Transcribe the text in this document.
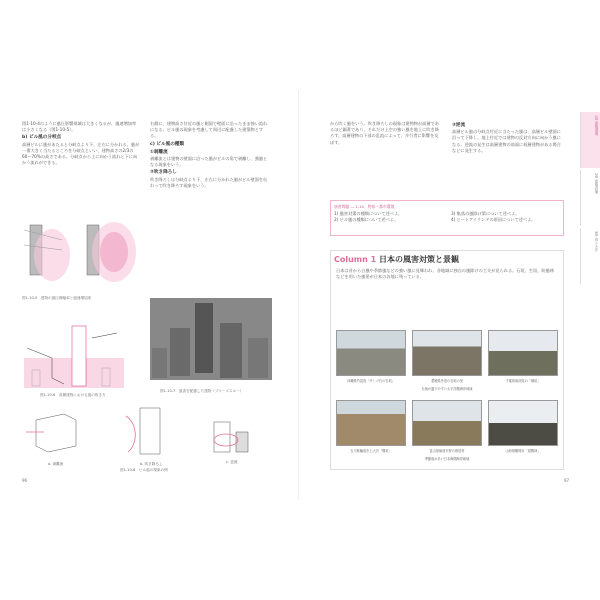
図1-10-4のように風圧影響領域は大きくなるが、風速増加率は小さくなる（図1-10-5）。

b) ビル風の分岐点

高層ビルに風があたると分岐点より下、左右に分かれる。風が一番大きく当たるところを分岐点といい、建物高さの2/3の60〜70%の高さである。分岐点から上に向かう流れと下に向かう流れができる。

右側に、建物高さ付近の風と側面で壁面に沿ったまま強い流れになる。ビル風の現象を考慮して周辺に配慮した建築物とする。

c) ビル風の種類

①剥離流

剥離流とは建物の壁面に沿った風がビルの角で剥離し、強風となる現象をいう。

②吹き降ろし

吹き降ろしは分岐点より下、左右に分かれた風がビル壁面を伝わって吹き降ろす現象をいう。

図1-10-5　建物の風圧増幅率と風速増加率
図1-10-6　高層建物における風の吹き方
図1-10-7　風害を配慮した建物（ブリーズスルー）
a. 剥離流	b. 吹き降ろし	c. 逆流
図1-10-8　ビル風の現象の例
96

から吹く風をいう。吹き降ろしの現象は建物物が高層であるほど顕著であり、それだけ上空の強い風を地上に吹き降ろす。高層建物の下部の乱流によって、歩行者に影響を及ぼす。

③逆流

高層ビル風の分岐点付近に当たった風は、高層ビル壁面に沿って下降し、地上付近では建物の反対方向に向かう風になる。逆流の発生は高層建物の前面に低層建物がある場合などに発生する。

演習問題 — 1-10　物体・都市環境
1) 風害対策の種類について述べよ。
2) ビル風の種類について述べよ。
3) 集落の風除け策について述べよ。
4) ヒートアイランドの原因について述べよ。
Column 1 日本の風害対策と景観
日本は昔から台風や季節風などの強い風に見舞われ、各地域に独自の風除けの工夫が見られる。石垣、生垣、防風林などを用いた風景が日本の各地に残っている。
沖縄県竹富島「サンゴ石の石垣」	愛媛県外泊の石垣の里	千葉県南房総の「槙垣」
台風が通りやすい太平洋側海岸地域
石川県輪島市上大沢「間垣」	富山県砺波平野の散居村	山形県鶴岡市「屋敷林」
季節風が多い日本海側海岸地域
1章 建築環境
2章 建築設備
3章 省エネ法
97
